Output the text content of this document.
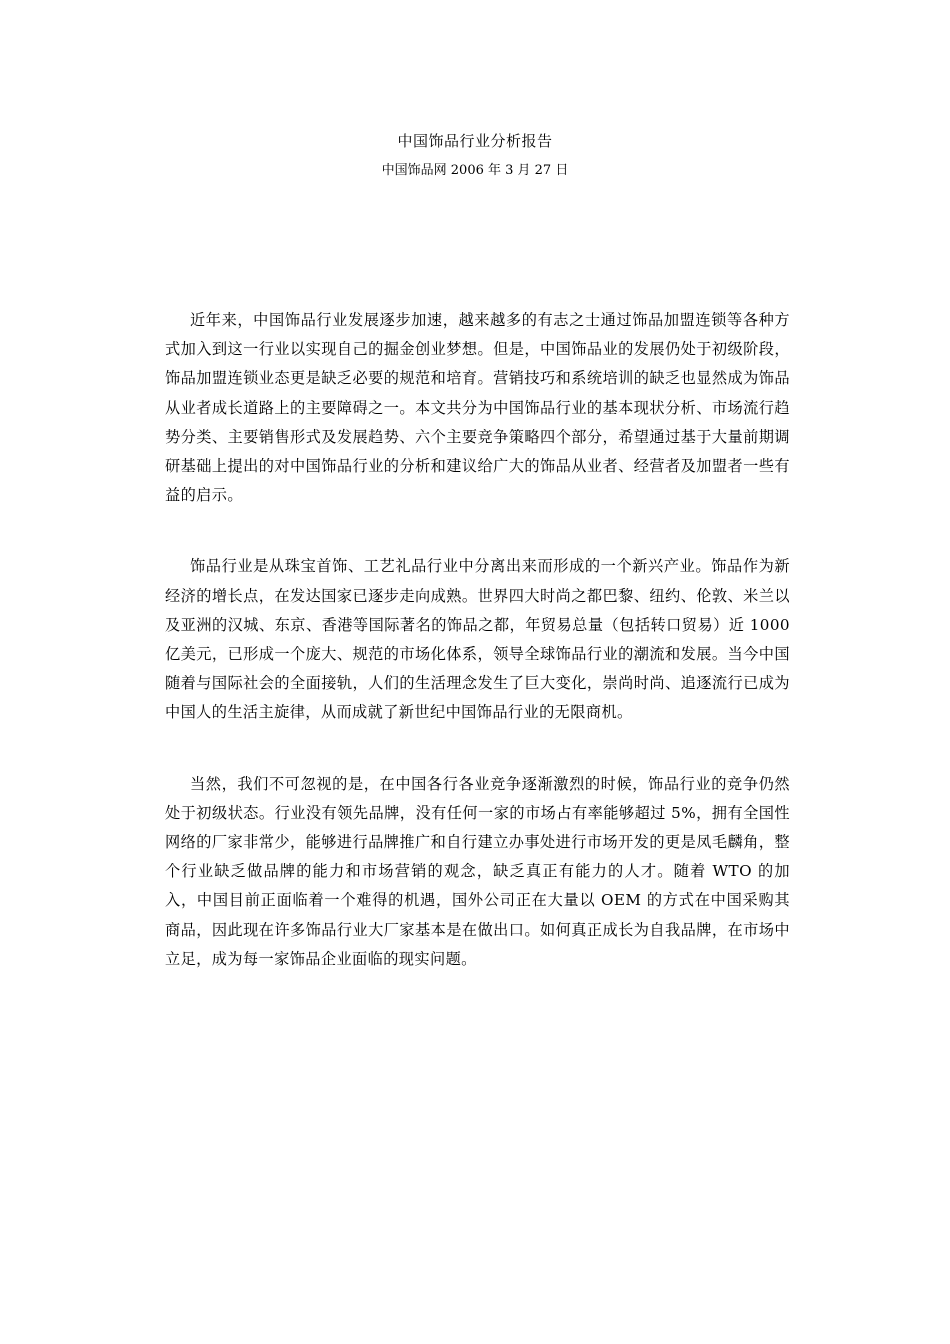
中国饰品行业分析报告
中国饰品网 2006 年 3 月 27 日

近年来，中国饰品行业发展逐步加速，越来越多的有志之士通过饰品加盟连锁等各种方式加入到这一行业以实现自己的掘金创业梦想。但是，中国饰品业的发展仍处于初级阶段，饰品加盟连锁业态更是缺乏必要的规范和培育。营销技巧和系统培训的缺乏也显然成为饰品从业者成长道路上的主要障碍之一。本文共分为中国饰品行业的基本现状分析、市场流行趋势分类、主要销售形式及发展趋势、六个主要竞争策略四个部分，希望通过基于大量前期调研基础上提出的对中国饰品行业的分析和建议给广大的饰品从业者、经营者及加盟者一些有益的启示。

饰品行业是从珠宝首饰、工艺礼品行业中分离出来而形成的一个新兴产业。饰品作为新经济的增长点，在发达国家已逐步走向成熟。世界四大时尚之都巴黎、纽约、伦敦、米兰以及亚洲的汉城、东京、香港等国际著名的饰品之都，年贸易总量（包括转口贸易）近 1000 亿美元，已形成一个庞大、规范的市场化体系，领导全球饰品行业的潮流和发展。当今中国随着与国际社会的全面接轨，人们的生活理念发生了巨大变化，崇尚时尚、追逐流行已成为中国人的生活主旋律，从而成就了新世纪中国饰品行业的无限商机。

当然，我们不可忽视的是，在中国各行各业竞争逐渐激烈的时候，饰品行业的竞争仍然处于初级状态。行业没有领先品牌，没有任何一家的市场占有率能够超过 5%，拥有全国性网络的厂家非常少，能够进行品牌推广和自行建立办事处进行市场开发的更是凤毛麟角，整个行业缺乏做品牌的能力和市场营销的观念，缺乏真正有能力的人才。随着 WTO 的加入，中国目前正面临着一个难得的机遇，国外公司正在大量以 OEM 的方式在中国采购其商品，因此现在许多饰品行业大厂家基本是在做出口。如何真正成长为自我品牌，在市场中立足，成为每一家饰品企业面临的现实问题。
